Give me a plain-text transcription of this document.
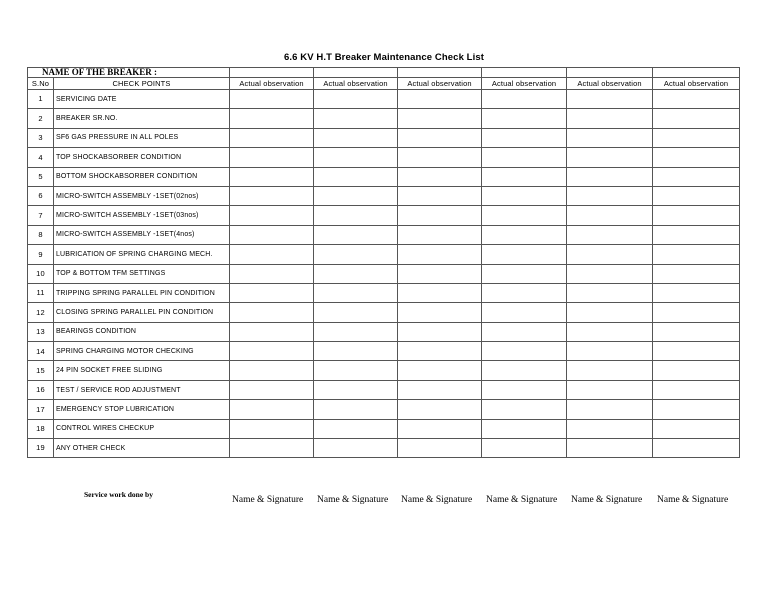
6.6 KV H.T Breaker Maintenance Check List
NAME OF THE BREAKER :							
S.No	CHECK POINTS	Actual observation	Actual observation	Actual observation	Actual observation	Actual observation	Actual observation
1	SERVICING DATE						
2	BREAKER SR.NO.						
3	SF6 GAS PRESSURE IN ALL POLES						
4	TOP SHOCKABSORBER CONDITION						
5	BOTTOM SHOCKABSORBER CONDITION						
6	MICRO-SWITCH ASSEMBLY -1SET(02nos)						
7	MICRO-SWITCH ASSEMBLY -1SET(03nos)						
8	MICRO-SWITCH ASSEMBLY -1SET(4nos)						
9	LUBRICATION OF SPRING CHARGING MECH.						
10	TOP & BOTTOM TFM SETTINGS						
11	TRIPPING SPRING PARALLEL PIN CONDITION						
12	CLOSING SPRING PARALLEL PIN CONDITION						
13	BEARINGS CONDITION						
14	SPRING CHARGING MOTOR CHECKING						
15	24 PIN SOCKET FREE SLIDING						
16	TEST / SERVICE ROD ADJUSTMENT						
17	EMERGENCY STOP LUBRICATION						
18	CONTROL WIRES CHECKUP						
19	ANY OTHER CHECK						
Service work done by
Name & Signature Name & Signature Name & Signature Name & Signature Name & Signature Name & Signature
